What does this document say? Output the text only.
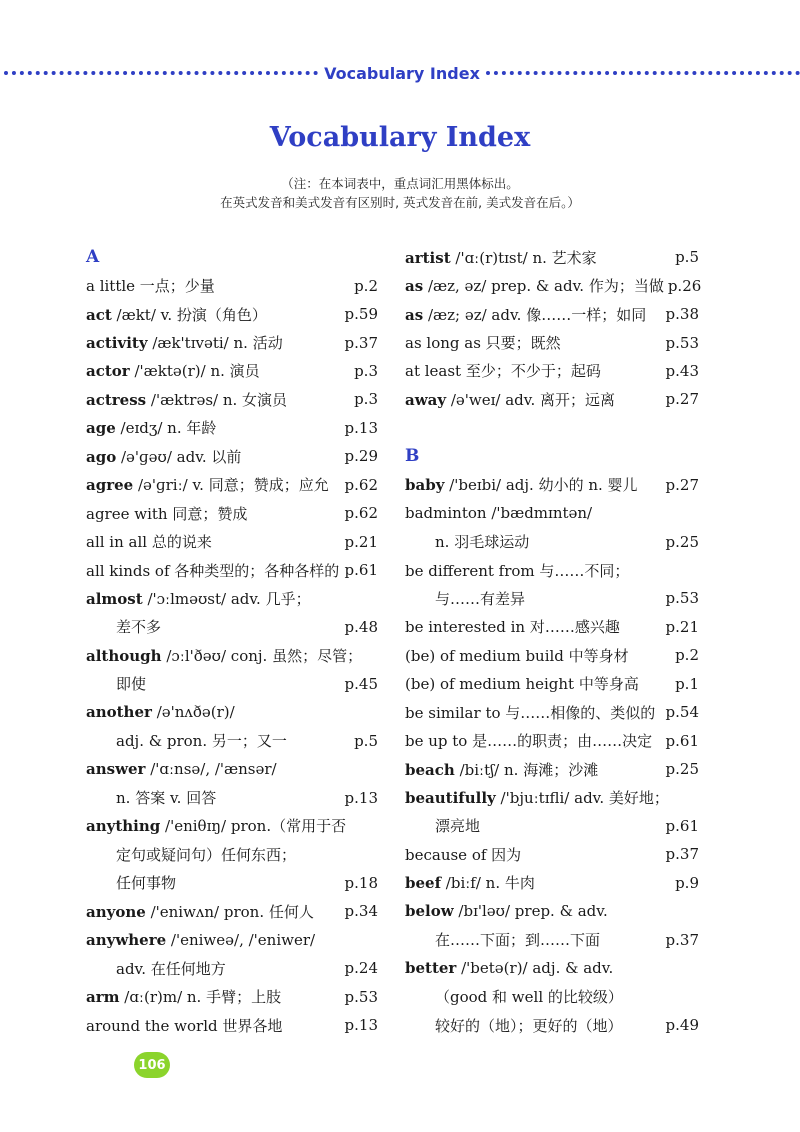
Vocabulary Index
Vocabulary Index
（注：在本词表中，重点词汇用黑体标出。
在英式发音和美式发音有区别时, 英式发音在前, 美式发音在后。）
A
a little 一点；少量	p.2
act /ækt/ v. 扮演（角色）	p.59
activity /æk'tɪvəti/ n. 活动	p.37
actor /'æktə(r)/ n. 演员	p.3
actress /'æktrəs/ n. 女演员	p.3
age /eɪdʒ/ n. 年龄	p.13
ago /ə'ɡəʊ/ adv. 以前	p.29
agree /ə'ɡriː/ v. 同意；赞成；应允	p.62
agree with 同意；赞成	p.62
all in all 总的说来	p.21
all kinds of 各种类型的；各种各样的 p.61
almost /'ɔːlməʊst/ adv. 几乎；
差不多	p.48
although /ɔːl'ðəʊ/ conj. 虽然；尽管；
即使	p.45
another /ə'nʌðə(r)/
adj. & pron. 另一；又一	p.5
answer /'ɑːnsə/, /'ænsər/
n. 答案 v. 回答	p.13
anything /'eniθɪŋ/ pron.（常用于否
定句或疑问句）任何东西；
任何事物	p.18
anyone /'eniwʌn/ pron. 任何人	p.34
anywhere /'eniweə/, /'eniwer/
adv. 在任何地方	p.24
arm /ɑː(r)m/ n. 手臂；上肢	p.53
around the world 世界各地	p.13
artist /'ɑː(r)tɪst/ n. 艺术家	p.5
as /æz, əz/ prep. & adv. 作为；当做 p.26
as /æz; əz/ adv. 像……一样；如同	p.38
as long as 只要；既然	p.53
at least 至少；不少于；起码	p.43
away /ə'weɪ/ adv. 离开；远离	p.27
B
baby /'beɪbi/ adj. 幼小的 n. 婴儿	p.27
badminton /'bædmɪntən/
n. 羽毛球运动	p.25
be different from 与……不同；
与……有差异	p.53
be interested in 对……感兴趣	p.21
(be) of medium build 中等身材	p.2
(be) of medium height 中等身高	p.1
be similar to 与……相像的、类似的 p.54
be up to 是……的职责；由……决定 p.61
beach /biːtʃ/ n. 海滩；沙滩	p.25
beautifully /'bjuːtɪfli/ adv. 美好地；
漂亮地	p.61
because of 因为	p.37
beef /biːf/ n. 牛肉	p.9
below /bɪ'ləʊ/ prep. & adv.
在……下面；到……下面	p.37
better /'betə(r)/ adj. & adv.
（good 和 well 的比较级）
较好的（地）；更好的（地）	p.49
106
